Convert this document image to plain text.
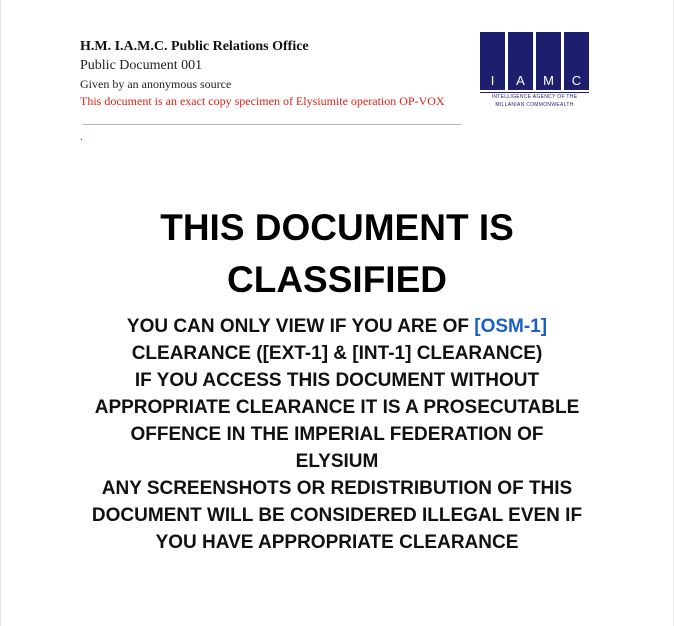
H.M. I.A.M.C. Public Relations Office
Public Document 001
Given by an anonymous source
This document is an exact copy specimen of Elysiumite operation OP-VOX
.
I	A	M	C
INTELLIGENCE AGENCY OF THE
MILLANIAN COMMONWEALTH
THIS DOCUMENT IS
CLASSIFIED
YOU CAN ONLY VIEW IF YOU ARE OF [OSM-1]
CLEARANCE ([EXT-1] & [INT-1] CLEARANCE)
IF YOU ACCESS THIS DOCUMENT WITHOUT
APPROPRIATE CLEARANCE IT IS A PROSECUTABLE
OFFENCE IN THE IMPERIAL FEDERATION OF
ELYSIUM
ANY SCREENSHOTS OR REDISTRIBUTION OF THIS
DOCUMENT WILL BE CONSIDERED ILLEGAL EVEN IF
YOU HAVE APPROPRIATE CLEARANCE
